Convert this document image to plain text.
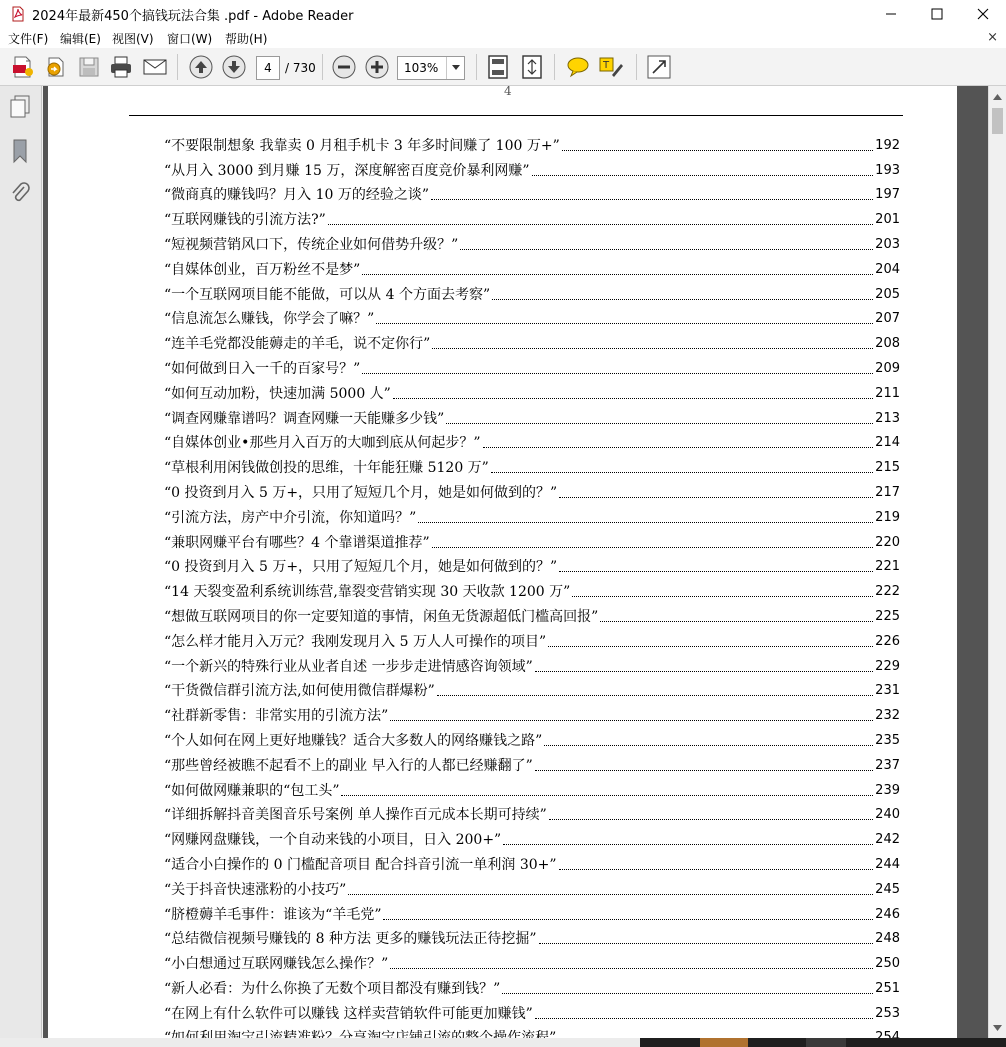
2024年最新450个搞钱玩法合集 .pdf - Adobe Reader
文件(F) 编辑(E) 视图(V) 窗口(W) 帮助(H)	×
T
4	/ 730	103%
4
“不要限制想象 我靠卖 0 月租手机卡 3 年多时间赚了 100 万+”	192
“从月入 3000 到月赚 15 万，深度解密百度竞价暴利网赚”	193
“微商真的赚钱吗？月入 10 万的经验之谈”	197
“互联网赚钱的引流方法?”	201
“短视频营销风口下，传统企业如何借势升级？”	203
“自媒体创业，百万粉丝不是梦”	204
“一个互联网项目能不能做，可以从 4 个方面去考察”	205
“信息流怎么赚钱，你学会了嘛？”	207
“连羊毛党都没能薅走的羊毛，说不定你行”	208
“如何做到日入一千的百家号？”	209
“如何互动加粉，快速加满 5000 人”	211
“调查网赚靠谱吗？调查网赚一天能赚多少钱”	213
“自媒体创业•那些月入百万的大咖到底从何起步？”	214
“草根利用闲钱做创投的思维，十年能狂赚 5120 万”	215
“0 投资到月入 5 万+，只用了短短几个月，她是如何做到的？”	217
“引流方法，房产中介引流，你知道吗？”	219
“兼职网赚平台有哪些？4 个靠谱渠道推荐”	220
“0 投资到月入 5 万+，只用了短短几个月，她是如何做到的？”	221
“14 天裂变盈利系统训练营,靠裂变营销实现 30 天收款 1200 万”	222
“想做互联网项目的你一定要知道的事情，闲鱼无货源超低门槛高回报”	225
“怎么样才能月入万元？我刚发现月入 5 万人人可操作的项目”	226
“一个新兴的特殊行业从业者自述 一步步走进情感咨询领域”	229
“干货微信群引流方法,如何使用微信群爆粉”	231
“社群新零售：非常实用的引流方法”	232
“个人如何在网上更好地赚钱？适合大多数人的网络赚钱之路”	235
“那些曾经被瞧不起看不上的副业 早入行的人都已经赚翻了”	237
“如何做网赚兼职的“包工头”	239
“详细拆解抖音美图音乐号案例 单人操作百元成本长期可持续”	240
“网赚网盘赚钱，一个自动来钱的小项目，日入 200+”	242
“适合小白操作的 0 门槛配音项目 配合抖音引流一单利润 30+”	244
“关于抖音快速涨粉的小技巧”	245
“脐橙薅羊毛事件：谁该为“羊毛党”	246
“总结微信视频号赚钱的 8 种方法 更多的赚钱玩法正待挖掘”	248
“小白想通过互联网赚钱怎么操作？”	250
“新人必看：为什么你换了无数个项目都没有赚到钱？”	251
“在网上有什么软件可以赚钱 这样卖营销软件可能更加赚钱”	253
